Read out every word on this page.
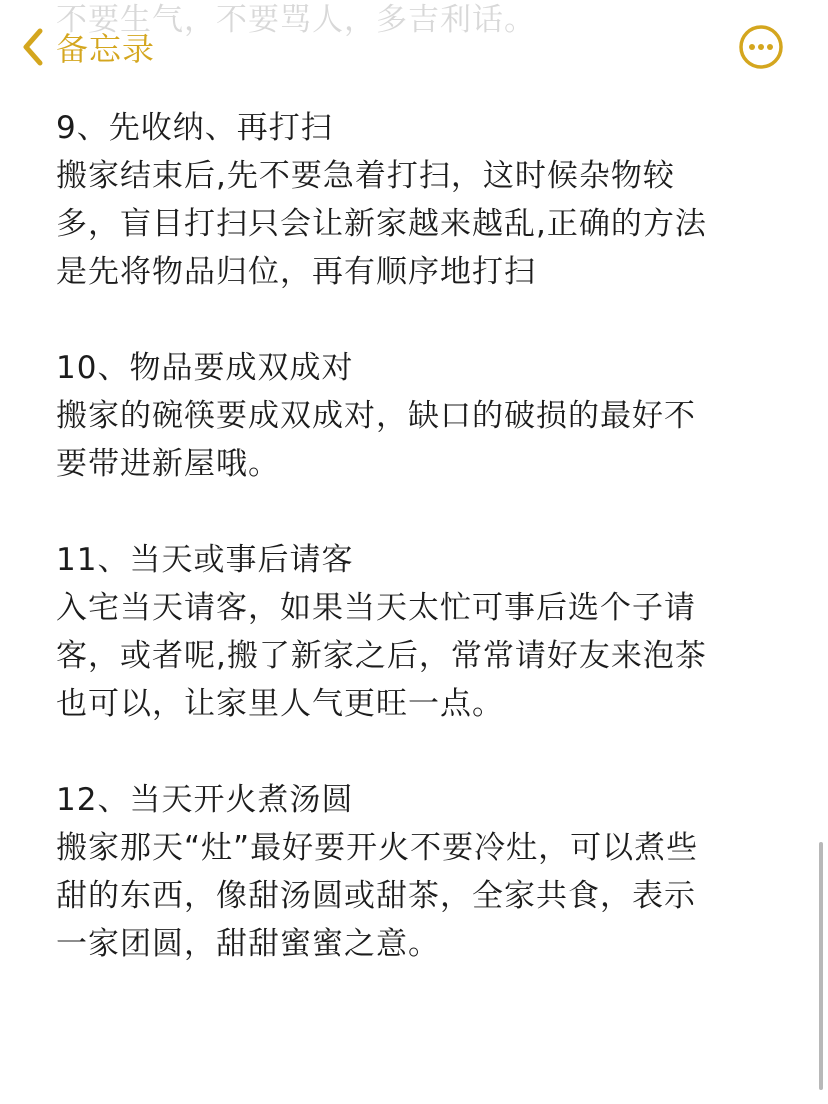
不要生气，不要骂人，多吉利话。
备忘录

9、先收纳、再打扫

搬家结束后,先不要急着打扫，这时候杂物较

多，盲目打扫只会让新家越来越乱,正确的方法

是先将物品归位，再有顺序地打扫

10、物品要成双成对

搬家的碗筷要成双成对，缺口的破损的最好不

要带进新屋哦。

11、当天或事后请客

入宅当天请客，如果当天太忙可事后选个子请

客，或者呢,搬了新家之后，常常请好友来泡茶

也可以，让家里人气更旺一点。

12、当天开火煮汤圆

搬家那天“灶”最好要开火不要冷灶，可以煮些

甜的东西，像甜汤圆或甜茶，全家共食，表示

一家团圆，甜甜蜜蜜之意。
